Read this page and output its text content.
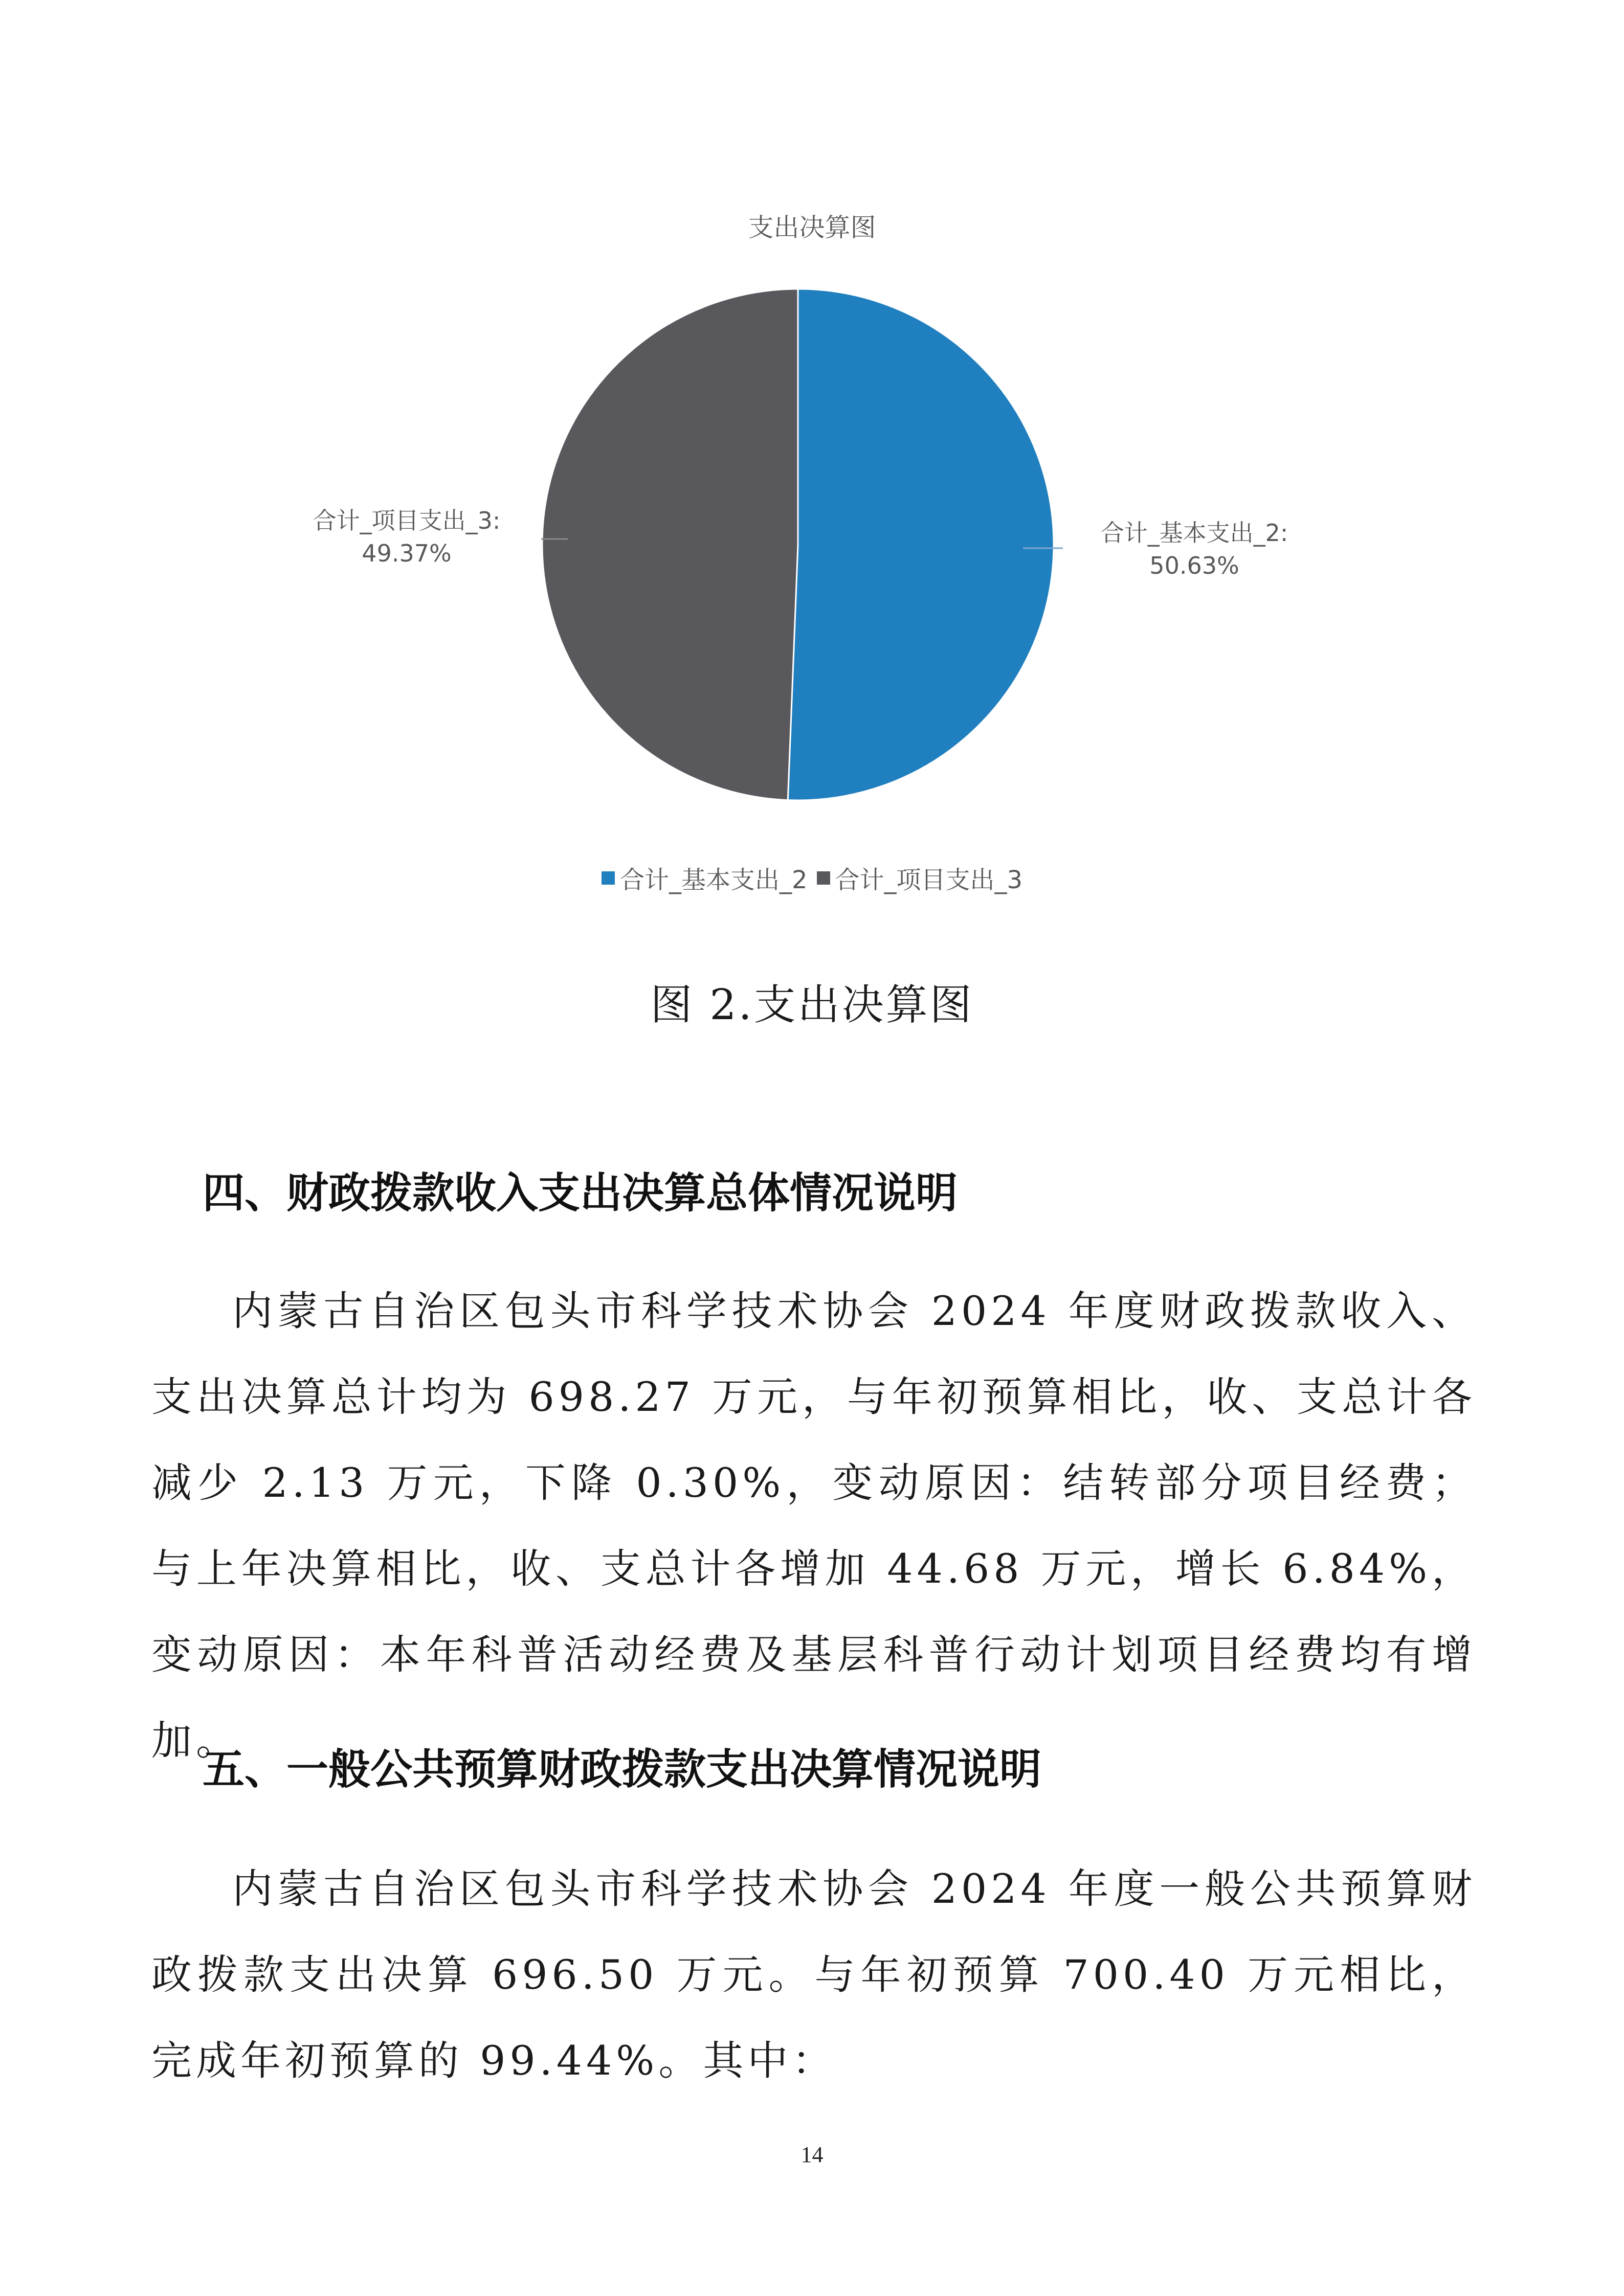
支出决算图
合计_基本支出_2:
50.63%
合计_项目支出_3:
49.37%
合计_基本支出_2 合计_项目支出_3
图 2.支出决算图
四、财政拨款收入支出决算总体情况说明

内蒙古自治区包头市科学技术协会 2024 年度财政拨款收入、支出决算总计均为 698.27 万元，与年初预算相比，收、支总计各减少 2.13 万元，下降 0.30%，变动原因：结转部分项目经费；与上年决算相比，收、支总计各增加 44.68 万元，增长 6.84%，变动原因：本年科普活动经费及基层科普行动计划项目经费均有增加。

五、一般公共预算财政拨款支出决算情况说明

内蒙古自治区包头市科学技术协会 2024 年度一般公共预算财政拨款支出决算 696.50 万元。与年初预算 700.40 万元相比，完成年初预算的 99.44%。其中：

14
